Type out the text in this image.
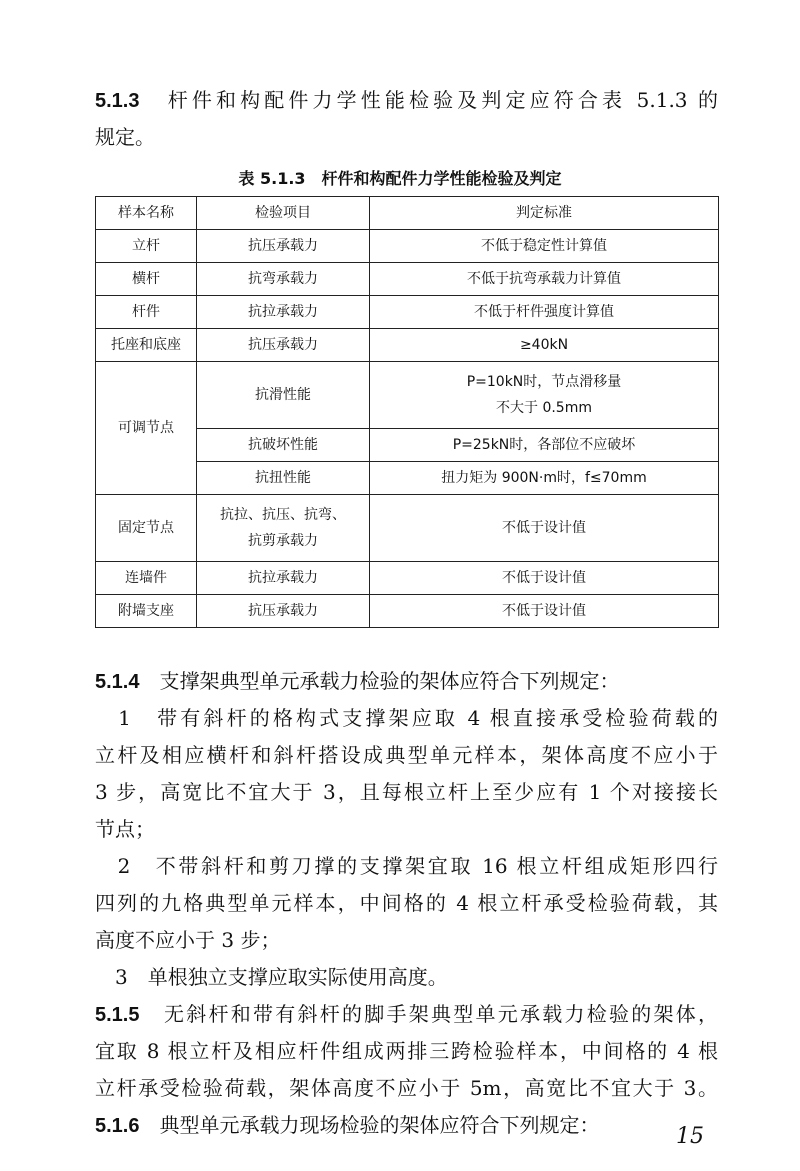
5.1.3　 杆件和构配件力学性能检验及判定应符合表 5.1.3 的
规定。
表 5.1.3　杆件和构配件力学性能检验及判定
样本名称	检验项目	判定标准

立杆	抗压承载力	不低于稳定性计算值

横杆	抗弯承载力	不低于抗弯承载力计算值

杆件	抗拉承载力	不低于杆件强度计算值

托座和底座	抗压承载力	≥40kN

可调节点	抗滑性能	P=10kN时，节点滑移量
不大于 0.5mm

	抗破坏性能	P=25kN时，各部位不应破坏

	抗扭性能	扭力矩为 900N·m时，f≤70mm

固定节点	抗拉、抗压、抗弯、
抗剪承载力	不低于设计值

连墙件	抗拉承载力	不低于设计值

附墙支座	抗压承载力	不低于设计值
5.1.4　 支撑架典型单元承载力检验的架体应符合下列规定：
　1　带有斜杆的格构式支撑架应取 4 根直接承受检验荷载的
立杆及相应横杆和斜杆搭设成典型单元样本，架体高度不应小于
3 步，高宽比不宜大于 3，且每根立杆上至少应有 1 个对接接长
节点；
　2　不带斜杆和剪刀撑的支撑架宜取 16 根立杆组成矩形四行
四列的九格典型单元样本，中间格的 4 根立杆承受检验荷载，其
高度不应小于 3 步；
　3　单根独立支撑应取实际使用高度。
5.1.5　 无斜杆和带有斜杆的脚手架典型单元承载力检验的架体，
宜取 8 根立杆及相应杆件组成两排三跨检验样本，中间格的 4 根
立杆承受检验荷载，架体高度不应小于 5m，高宽比不宜大于 3。
5.1.6　 典型单元承载力现场检验的架体应符合下列规定：	15
